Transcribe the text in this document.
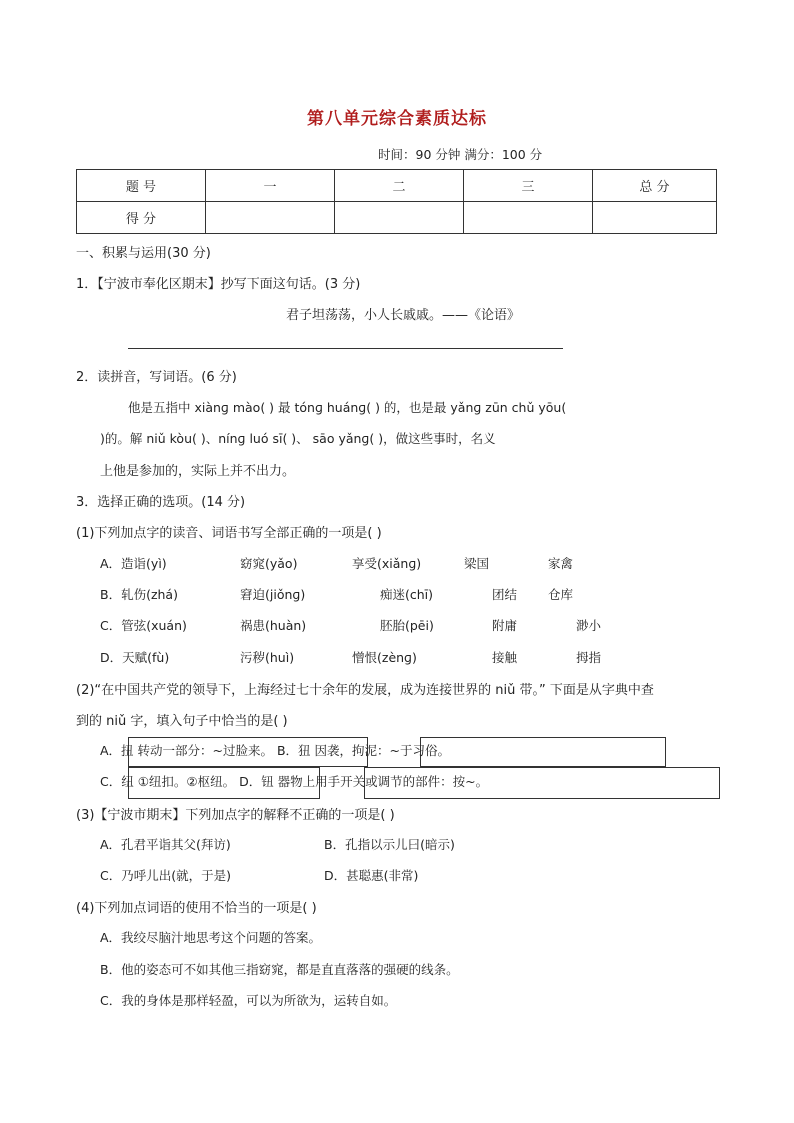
第八单元综合素质达标
时间：90 分钟 满分：100 分
题 号	一	二	三	总 分
得 分				
一、积累与运用(30 分)
1．【宁波市奉化区期末】抄写下面这句话。(3 分)
君子坦荡荡，小人长戚戚。——《论语》
2．读拼音，写词语。(6 分)
他是五指中 xiànɡ mào( ) 最 tónɡ huánɡ( ) 的，也是最 yǎnɡ zūn chǔ yōu(
)的。解 niǔ kòu( )、nínɡ luó sī( )、 sāo yǎnɡ( )，做这些事时，名义
上他是参加的，实际上并不出力。
3．选择正确的选项。(14 分)
(1)下列加点字的读音、词语书写全部正确的一项是( )
A．造诣(yì)	窈窕(yǎo)	享受(xiǎnɡ)	梁国	家禽
B．轧伤(zhá)	窘迫(jiǒnɡ)	痴迷(chī)	团结 仓库
C．管弦(xuán)	祸患(huàn)	胚胎(pēi)	附庸	渺小
D．天赋(fù)	污秽(huì)	憎恨(zènɡ)	接触	拇指
(2)“在中国共产党的领导下，上海经过七十余年的发展，成为连接世界的 niǔ 带。” 下面是从字典中查
到的 niǔ 字，填入句子中恰当的是( )
A．扭 转动一部分：~过脸来。 B．狃 因袭，拘泥：~于习俗。
C．纽 ①纽扣。②枢纽。 D．钮 器物上用手开关或调节的部件：按~。
(3)【宁波市期末】下列加点字的解释不正确的一项是( )
A．孔君平诣其父(拜访)	B．孔指以示儿曰(暗示)
C．乃呼儿出(就，于是)	D．甚聪惠(非常)
(4)下列加点词语的使用不恰当的一项是( )
A．我绞尽脑汁地思考这个问题的答案。
B．他的姿态可不如其他三指窈窕，都是直直落落的强硬的线条。
C．我的身体是那样轻盈，可以为所欲为，运转自如。
